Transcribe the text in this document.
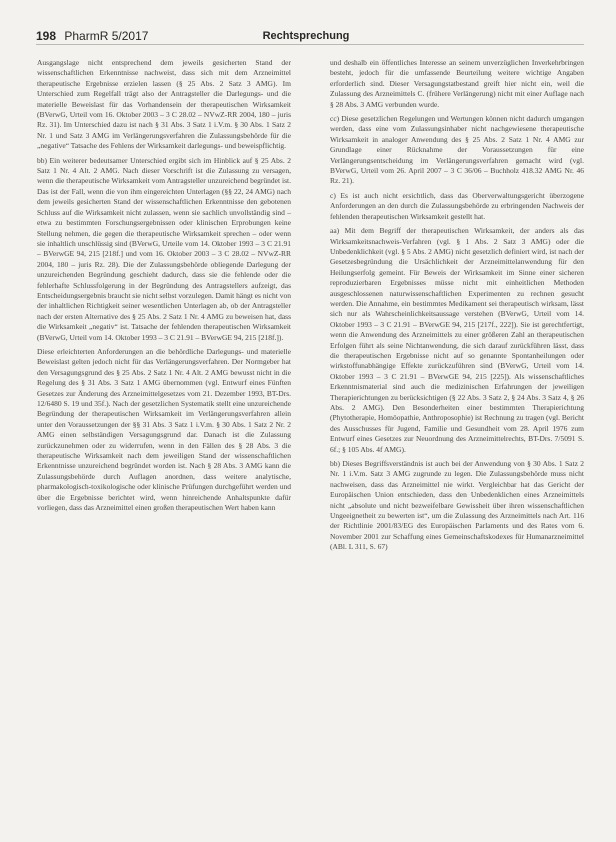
198 PharmR 5/2017	Rechtsprechung

Ausgangslage nicht entsprechend dem jeweils gesicherten Stand der wissenschaftlichen Erkenntnisse nachweist, dass sich mit dem Arzneimittel therapeutische Ergebnisse erzielen lassen (§ 25 Abs. 2 Satz 3 AMG). Im Unterschied zum Regelfall trägt also der Antragsteller die Darlegungs- und die materielle Beweislast für das Vorhandensein der therapeutischen Wirksamkeit (BVerwG, Urteil vom 16. Oktober 2003 – 3 C 28.02 – NVwZ-RR 2004, 180 – juris Rz. 31). Im Unterschied dazu ist nach § 31 Abs. 3 Satz 1 i.V.m. § 30 Abs. 1 Satz 2 Nr. 1 und Satz 3 AMG im Verlängerungsverfahren die Zulassungsbehörde für die „negative“ Tatsache des Fehlens der Wirksamkeit darlegungs- und beweispflichtig.

bb) Ein weiterer bedeutsamer Unterschied ergibt sich im Hinblick auf § 25 Abs. 2 Satz 1 Nr. 4 Alt. 2 AMG. Nach dieser Vorschrift ist die Zulassung zu versagen, wenn die therapeutische Wirksamkeit vom Antragsteller unzureichend begründet ist. Das ist der Fall, wenn die von ihm eingereichten Unterlagen (§§ 22, 24 AMG) nach dem jeweils gesicherten Stand der wissenschaftlichen Erkenntnisse den gebotenen Schluss auf die Wirksamkeit nicht zulassen, wenn sie sachlich unvollständig sind – etwa zu bestimmten Forschungsergebnissen oder klinischen Erprobungen keine Stellung nehmen, die gegen die therapeutische Wirksamkeit sprechen – oder wenn sie inhaltlich unschlüssig sind (BVerwG, Urteile vom 14. Oktober 1993 – 3 C 21.91 – BVerwGE 94, 215 [218f.] und vom 16. Oktober 2003 – 3 C 28.02 – NVwZ-RR 2004, 180 – juris Rz. 28). Die der Zulassungsbehörde obliegende Darlegung der unzureichenden Begründung geschieht dadurch, dass sie die fehlende oder die fehlerhafte Schlussfolgerung in der Begründung des Antragstellers aufzeigt, das Entscheidungsergebnis braucht sie nicht selbst vorzulegen. Damit hängt es nicht von der inhaltlichen Richtigkeit seiner wesentlichen Unterlagen ab, ob der Antragsteller nach der ersten Alternative des § 25 Abs. 2 Satz 1 Nr. 4 AMG zu beweisen hat, dass die Wirksamkeit „negativ“ ist. Tatsache der fehlenden therapeutischen Wirksamkeit (BVerwG, Urteil vom 14. Oktober 1993 – 3 C 21.91 – BVerwGE 94, 215 [218f.]).

Diese erleichterten Anforderungen an die behördliche Darlegungs- und materielle Beweislast gelten jedoch nicht für das Verlängerungsverfahren. Der Normgeber hat den Versagungsgrund des § 25 Abs. 2 Satz 1 Nr. 4 Alt. 2 AMG bewusst nicht in die Regelung des § 31 Abs. 3 Satz 1 AMG übernommen (vgl. Entwurf eines Fünften Gesetzes zur Änderung des Arzneimittelgesetzes vom 21. Dezember 1993, BT-Drs. 12/6480 S. 19 und 35f.). Nach der gesetzlichen Systematik stellt eine unzureichende Begründung der therapeutischen Wirksamkeit im Verlängerungsverfahren allein unter den Voraussetzungen der §§ 31 Abs. 3 Satz 1 i.V.m. § 30 Abs. 1 Satz 2 Nr. 2 AMG einen selbständigen Versagungsgrund dar. Danach ist die Zulassung zurückzunehmen oder zu widerrufen, wenn in den Fällen des § 28 Abs. 3 die therapeutische Wirksamkeit nach dem jeweiligen Stand der wissenschaftlichen Erkenntnisse unzureichend begründet worden ist. Nach § 28 Abs. 3 AMG kann die Zulassungsbehörde durch Auflagen anordnen, dass weitere analytische, pharmakologisch-toxikologische oder klinische Prüfungen durchgeführt werden und über die Ergebnisse berichtet wird, wenn hinreichende Anhaltspunkte dafür vorliegen, dass das Arzneimittel einen großen therapeutischen Wert haben kann

und deshalb ein öffentliches Interesse an seinem unverzüglichen Inverkehrbringen besteht, jedoch für die umfassende Beurteilung weitere wichtige Angaben erforderlich sind. Dieser Versagungstatbestand greift hier nicht ein, weil die Zulassung des Arzneimittels C. (frühere Verlängerung) nicht mit einer Auflage nach § 28 Abs. 3 AMG verbunden wurde.

cc) Diese gesetzlichen Regelungen und Wertungen können nicht dadurch umgangen werden, dass eine vom Zulassungsinhaber nicht nachgewiesene therapeutische Wirksamkeit in analoger Anwendung des § 25 Abs. 2 Satz 1 Nr. 4 AMG zur Grundlage einer Rücknahme der Voraussetzungen für eine Verlängerungsentscheidung im Verlängerungsverfahren gemacht wird (vgl. BVerwG, Urteil vom 26. April 2007 – 3 C 36/06 – Buchholz 418.32 AMG Nr. 46 Rz. 21).

c) Es ist auch nicht ersichtlich, dass das Oberverwaltungsgericht überzogene Anforderungen an den durch die Zulassungsbehörde zu erbringenden Nachweis der fehlenden therapeutischen Wirksamkeit gestellt hat.

aa) Mit dem Begriff der therapeutischen Wirksamkeit, der anders als das Wirksamkeitsnachweis-Verfahren (vgl. § 1 Abs. 2 Satz 3 AMG) oder die Unbedenklichkeit (vgl. § 5 Abs. 2 AMG) nicht gesetzlich definiert wird, ist nach der Gesetzesbegründung die Ursächlichkeit der Arzneimittelanwendung für den Heilungserfolg gemeint. Für Beweis der Wirksamkeit im Sinne einer sicheren reproduzierbaren Ergebnisses müsse nicht mit einheitlichen Methoden ausgeschlossenen naturwissenschaftlichen Experimenten zu rechnen gesucht werden. Die Annahme, ein bestimmtes Medikament sei therapeutisch wirksam, lässt sich nur als Wahrscheinlichkeitsaussage verstehen (BVerwG, Urteil vom 14. Oktober 1993 – 3 C 21.91 – BVerwGE 94, 215 [217f., 222]). Sie ist gerechtfertigt, wenn die Anwendung des Arzneimittels zu einer größeren Zahl an therapeutischen Erfolgen führt als seine Nichtanwendung, die sich darauf zurückführen lässt, dass die therapeutischen Ergebnisse nicht auf so genannte Spontanheilungen oder wirkstoffunabhängige Effekte zurückzuführen sind (BVerwG, Urteil vom 14. Oktober 1993 – 3 C 21.91 – BVerwGE 94, 215 [225]). Als wissenschaftliches Erkenntnismaterial sind auch die medizinischen Erfahrungen der jeweiligen Therapierichtungen zu berücksichtigen (§ 22 Abs. 3 Satz 2, § 24 Abs. 3 Satz 4, § 26 Abs. 2 AMG). Den Besonderheiten einer bestimmten Therapierichtung (Phytotherapie, Homöopathie, Anthroposophie) ist Rechnung zu tragen (vgl. Bericht des Ausschusses für Jugend, Familie und Gesundheit vom 28. April 1976 zum Entwurf eines Gesetzes zur Neuordnung des Arzneimittelrechts, BT-Drs. 7/5091 S. 6f.; § 105 Abs. 4f AMG).

bb) Dieses Begriffsverständnis ist auch bei der Anwendung von § 30 Abs. 1 Satz 2 Nr. 1 i.V.m. Satz 3 AMG zugrunde zu legen. Die Zulassungsbehörde muss nicht nachweisen, dass das Arzneimittel nie wirkt. Vergleichbar hat das Gericht der Europäischen Union entschieden, dass den Unbedenklichen eines Arzneimittels nicht „absolute und nicht bezweifelbare Gewissheit über ihren wissenschaftlichen Ungeeignetheit zu bewerten ist“, um die Zulassung des Arzneimittels nach Art. 116 der Richtlinie 2001/83/EG des Europäischen Parlaments und des Rates vom 6. November 2001 zur Schaffung eines Gemeinschaftskodexes für Humanarzneimittel (ABl. L 311, S. 67)
